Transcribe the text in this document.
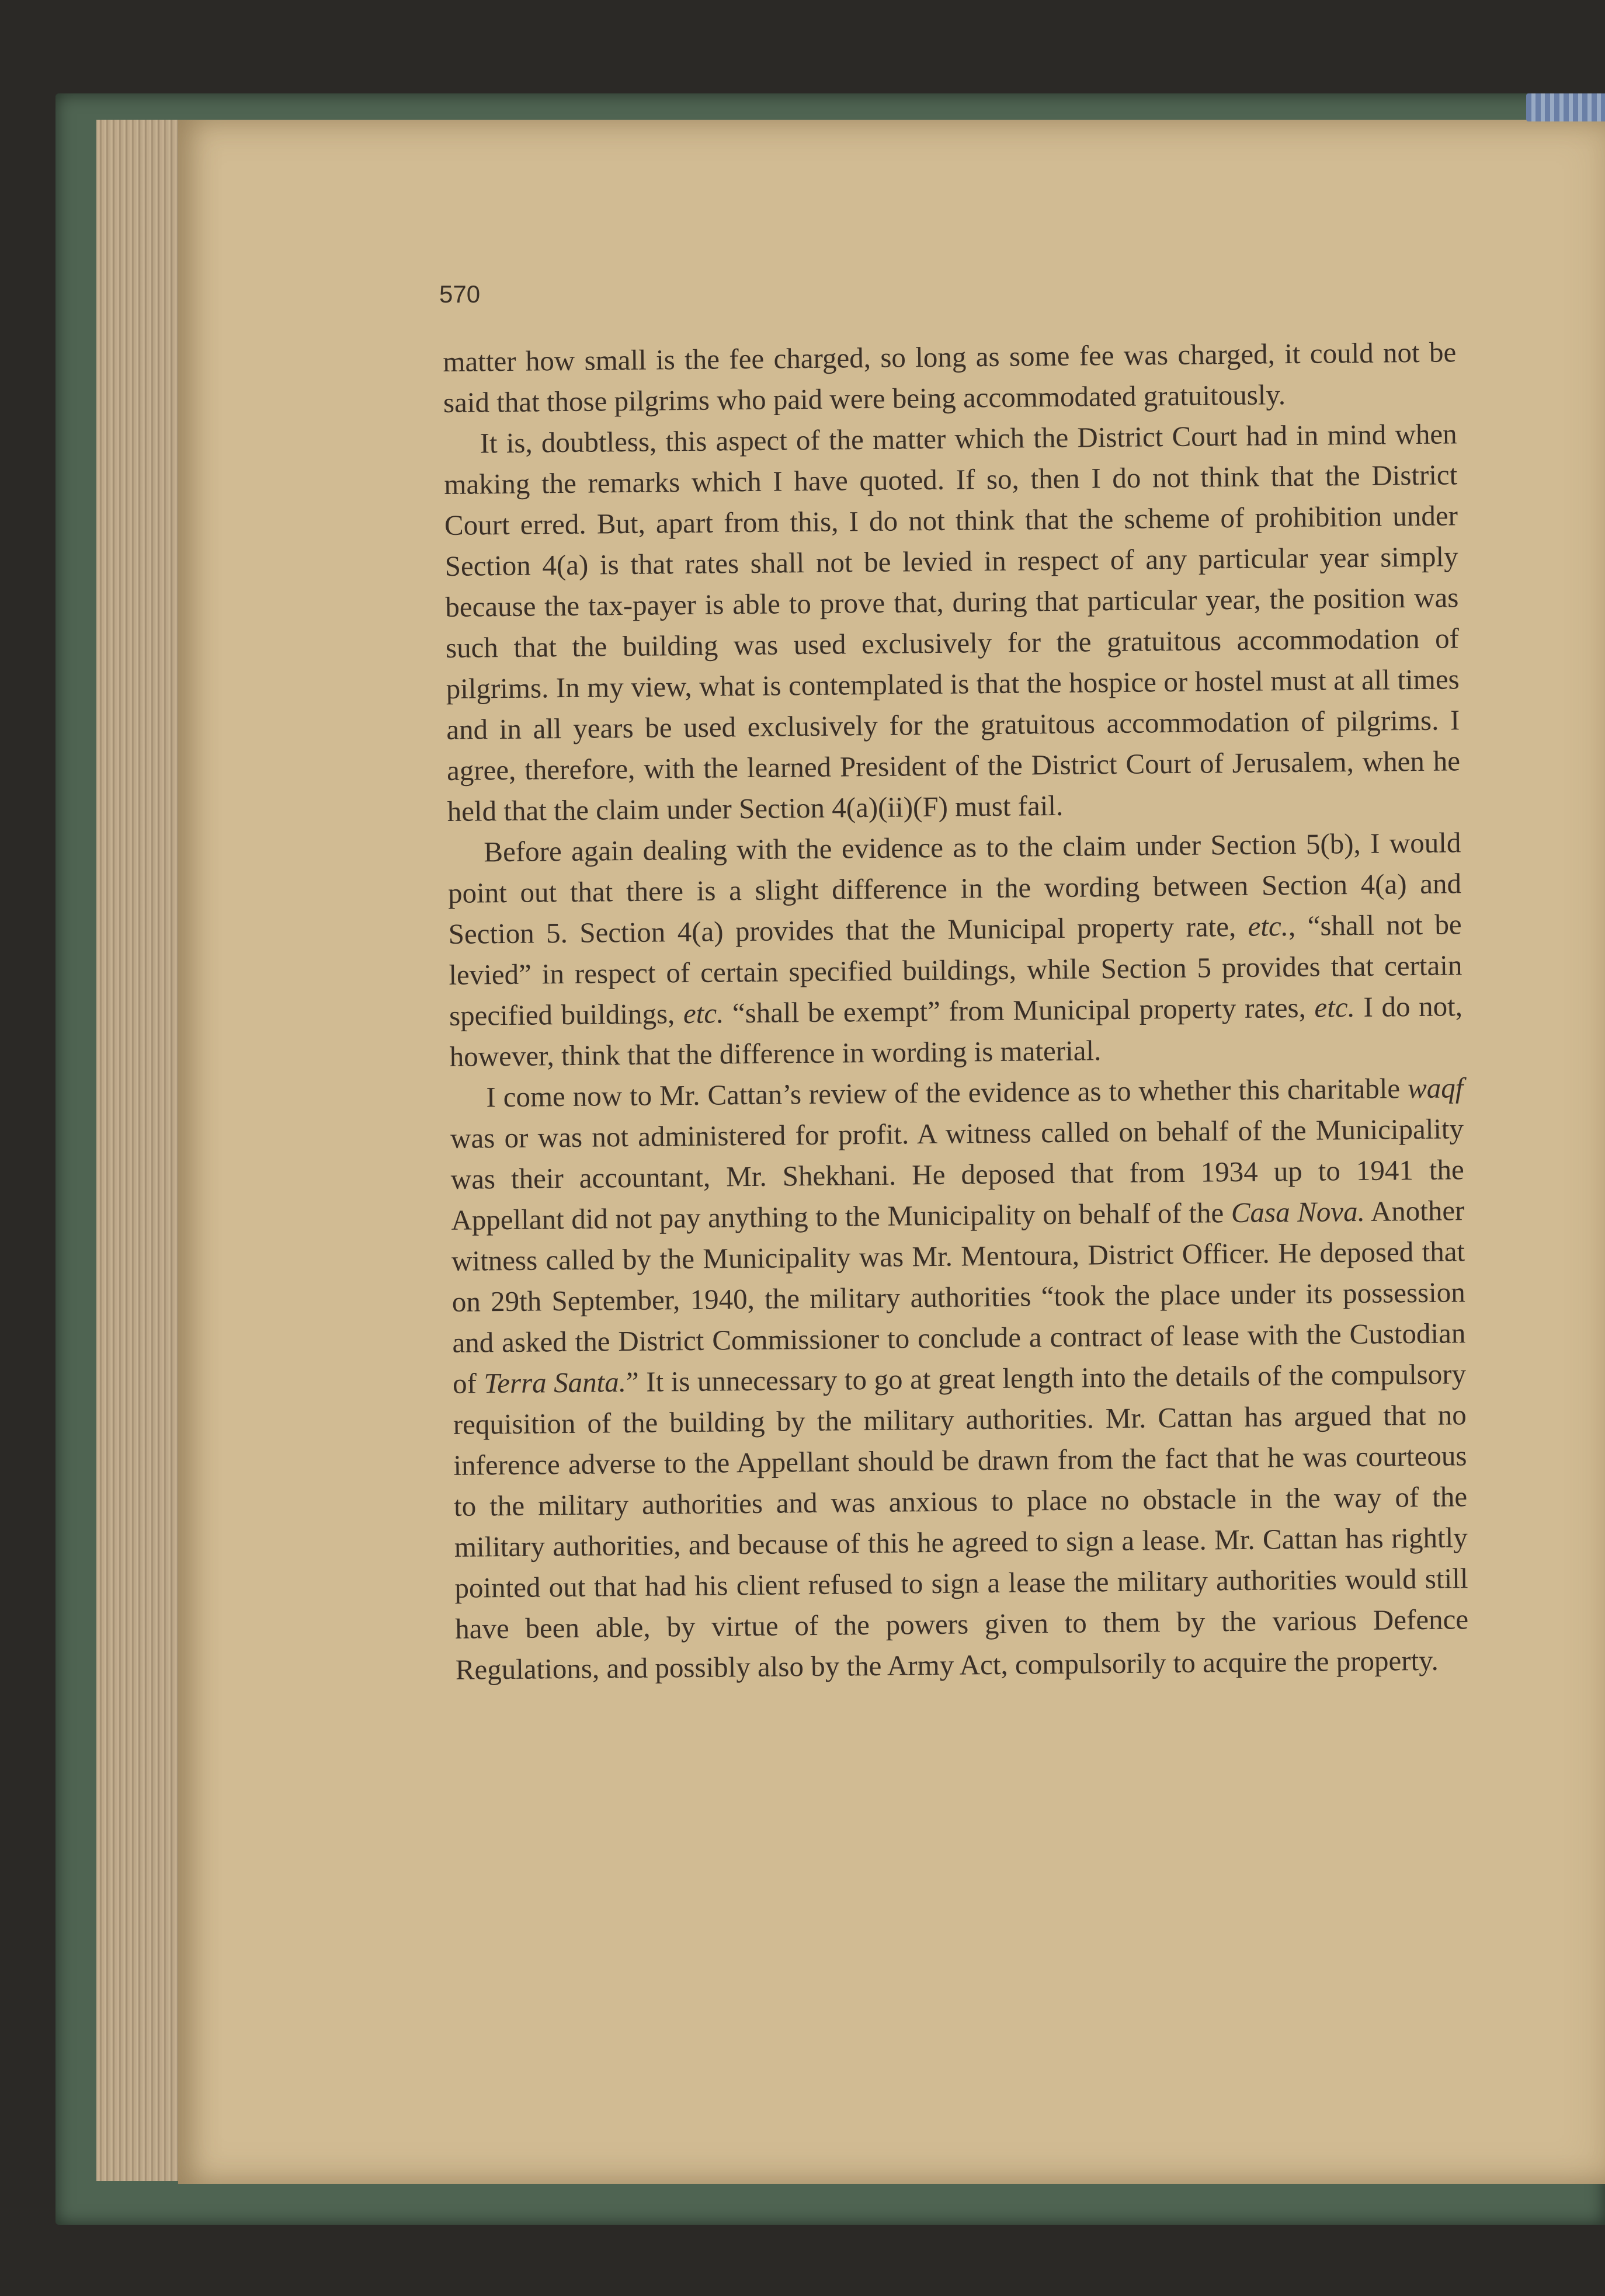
570

matter how small is the fee charged, so long as some fee was charged, it could not be said that those pilgrims who paid were being accommodated gratuitously.

It is, doubtless, this aspect of the matter which the District Court had in mind when making the remarks which I have quoted. If so, then I do not think that the District Court erred. But, apart from this, I do not think that the scheme of prohibition under Section 4(a) is that rates shall not be levied in respect of any particular year simply because the tax-payer is able to prove that, during that particular year, the position was such that the building was used exclusively for the gratuitous accommodation of pilgrims. In my view, what is contemplated is that the hospice or hostel must at all times and in all years be used exclusively for the gratuitous accommodation of pilgrims. I agree, therefore, with the learned President of the District Court of Jerusalem, when he held that the claim under Section 4(a)(ii)(F) must fail.

Before again dealing with the evidence as to the claim under Section 5(b), I would point out that there is a slight difference in the wording between Section 4(a) and Section 5. Section 4(a) provides that the Municipal property rate, etc., “shall not be levied” in respect of certain specified buildings, while Section 5 provides that certain specified buildings, etc. “shall be exempt” from Municipal property rates, etc. I do not, however, think that the difference in wording is material.

I come now to Mr. Cattan’s review of the evidence as to whether this charitable waqf was or was not administered for profit. A witness called on behalf of the Municipality was their accountant, Mr. Shekhani. He deposed that from 1934 up to 1941 the Appellant did not pay anything to the Municipality on behalf of the Casa Nova. Another witness called by the Municipality was Mr. Mentoura, District Officer. He deposed that on 29th September, 1940, the military authorities “took the place under its possession and asked the District Commissioner to conclude a contract of lease with the Custodian of Terra Santa.” It is unnecessary to go at great length into the details of the compulsory requisition of the building by the military authorities. Mr. Cattan has argued that no inference adverse to the Appellant should be drawn from the fact that he was courteous to the military authorities and was anxious to place no obstacle in the way of the military authorities, and because of this he agreed to sign a lease. Mr. Cattan has rightly pointed out that had his client refused to sign a lease the military authorities would still have been able, by virtue of the powers given to them by the various Defence Regulations, and possibly also by the Army Act, compulsorily to acquire the property.
